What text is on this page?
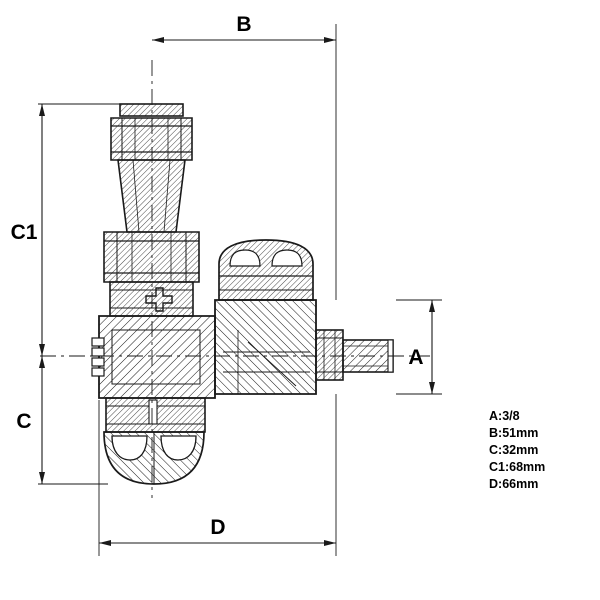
B
D
C1
C
A
A:3/8
B:51mm
C:32mm
C1:68mm
D:66mm
